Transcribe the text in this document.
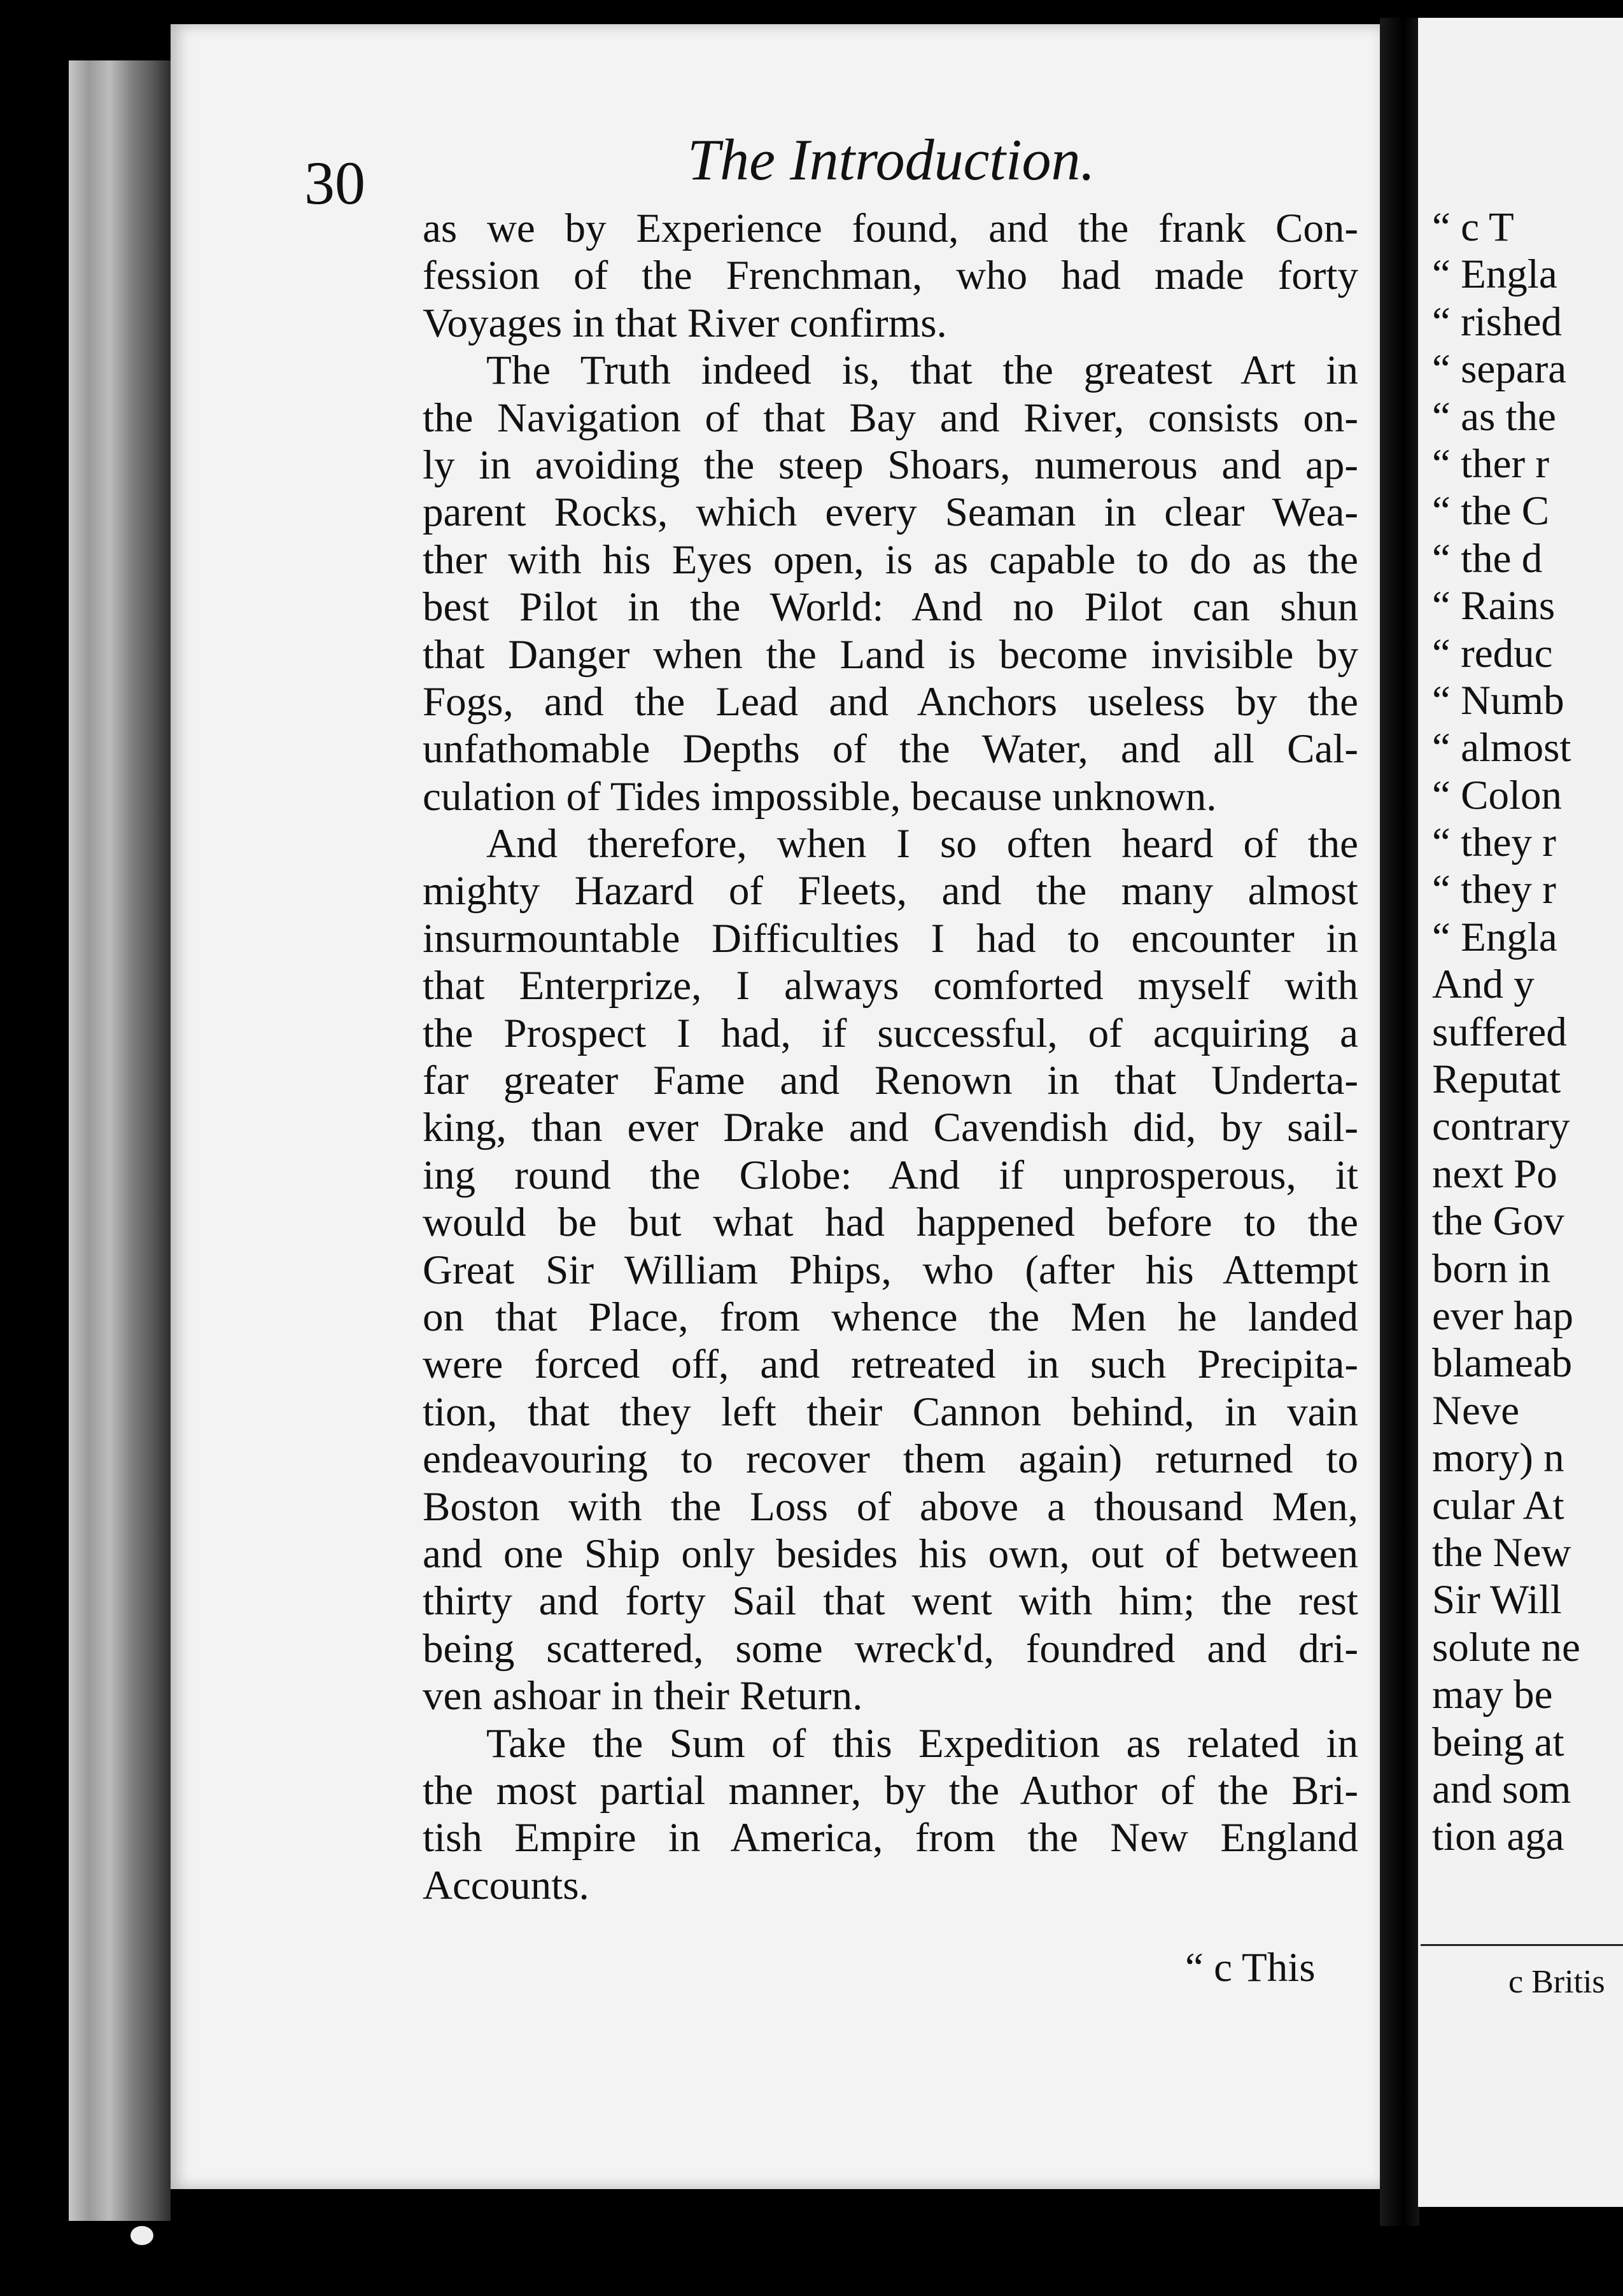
30	The Introduction.
as we by Experience found, and the frank Con-
fession of the Frenchman, who had made forty
Voyages in that River confirms.
The Truth indeed is, that the greatest Art in
the Navigation of that Bay and River, consists on-
ly in avoiding the steep Shoars, numerous and ap-
parent Rocks, which every Seaman in clear Wea-
ther with his Eyes open, is as capable to do as the
best Pilot in the World: And no Pilot can shun
that Danger when the Land is become invisible by
Fogs, and the Lead and Anchors useless by the
unfathomable Depths of the Water, and all Cal-
culation of Tides impossible, because unknown.
And therefore, when I so often heard of the
mighty Hazard of Fleets, and the many almost
insurmountable Difficulties I had to encounter in
that Enterprize, I always comforted myself with
the Prospect I had, if successful, of acquiring a
far greater Fame and Renown in that Underta-
king, than ever Drake and Cavendish did, by sail-
ing round the Globe: And if unprosperous, it
would be but what had happened before to the
Great Sir William Phips, who (after his Attempt
on that Place, from whence the Men he landed
were forced off, and retreated in such Precipita-
tion, that they left their Cannon behind, in vain
endeavouring to recover them again) returned to
Boston with the Loss of above a thousand Men,
and one Ship only besides his own, out of between
thirty and forty Sail that went with him; the rest
being scattered, some wreck'd, foundred and dri-
ven ashoar in their Return.
Take the Sum of this Expedition as related in
the most partial manner, by the Author of the Bri-
tish Empire in America, from the New England
Accounts.
“ c This
“ c T
“ Engla
“ rished
“ separa
“ as the
“ ther r
“ the C
“ the d
“ Rains
“ reduc
“ Numb
“ almost
“ Colon
“ they r
“ they r
“ Engla
And y
suffered
Reputat
contrary
next Po
the Gov
born in
ever hap
blameab
Neve
mory) n
cular At
the New
Sir Will
solute ne
may be
being at
and som
tion aga
c Britis
